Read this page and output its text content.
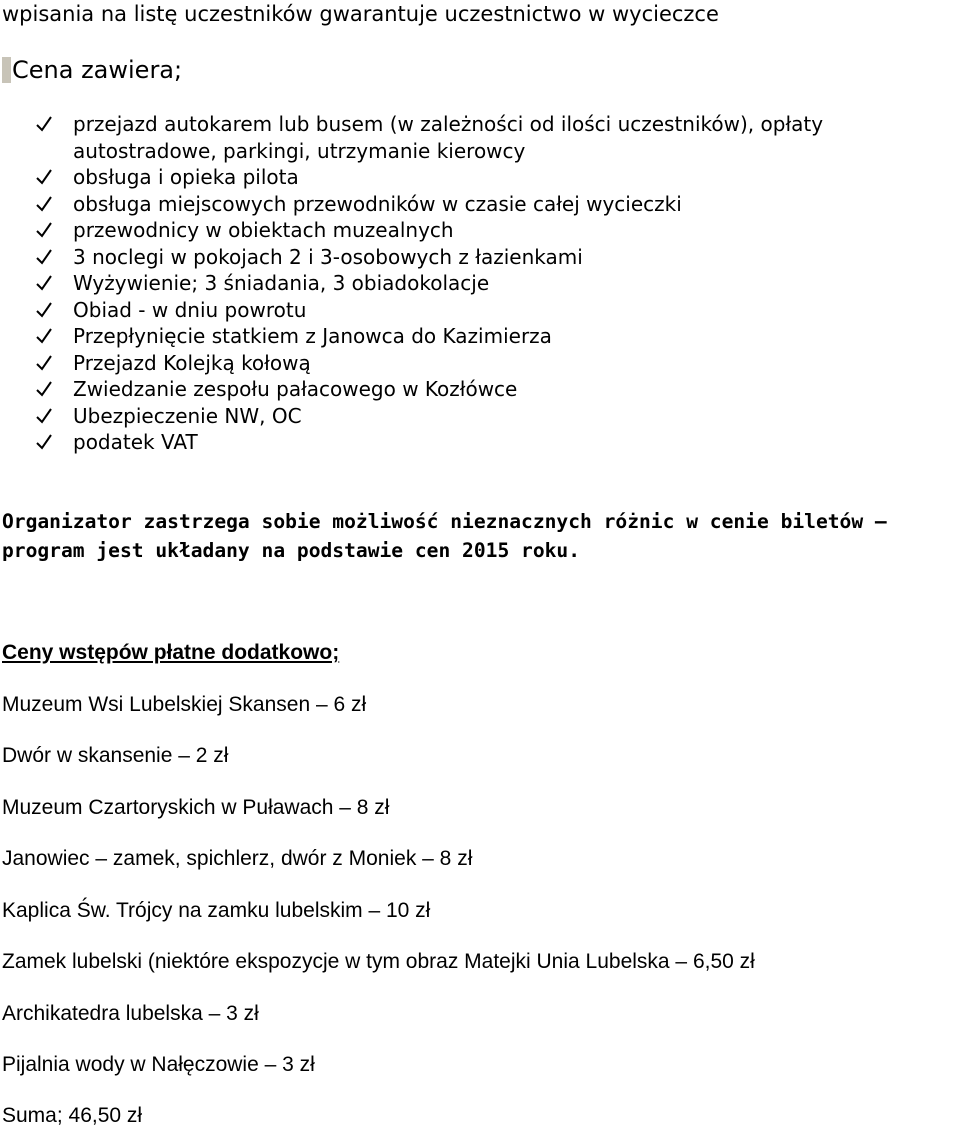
wpisania na listę uczestników gwarantuje uczestnictwo w wycieczce
Cena zawiera;
przejazd autokarem lub busem (w zależności od ilości uczestników), opłaty
autostradowe, parkingi, utrzymanie kierowcy
obsługa i opieka pilota
obsługa miejscowych przewodników w czasie całej wycieczki
przewodnicy w obiektach muzealnych
3 noclegi w pokojach 2 i 3-osobowych z łazienkami
Wyżywienie; 3 śniadania, 3 obiadokolacje
Obiad - w dniu powrotu
Przepłynięcie statkiem z Janowca do Kazimierza
Przejazd Kolejką kołową
Zwiedzanie zespołu pałacowego w Kozłówce
Ubezpieczenie NW, OC
podatek VAT
Organizator zastrzega sobie możliwość nieznacznych różnic w cenie biletów –
program jest układany na podstawie cen 2015 roku.
Ceny wstępów płatne dodatkowo;
Muzeum Wsi Lubelskiej Skansen – 6 zł
Dwór w skansenie – 2 zł
Muzeum Czartoryskich w Puławach – 8 zł
Janowiec – zamek, spichlerz, dwór z Moniek – 8 zł
Kaplica Św. Trójcy na zamku lubelskim – 10 zł
Zamek lubelski (niektóre ekspozycje w tym obraz Matejki Unia Lubelska – 6,50 zł
Archikatedra lubelska – 3 zł
Pijalnia wody w Nałęczowie – 3 zł
Suma; 46,50 zł
